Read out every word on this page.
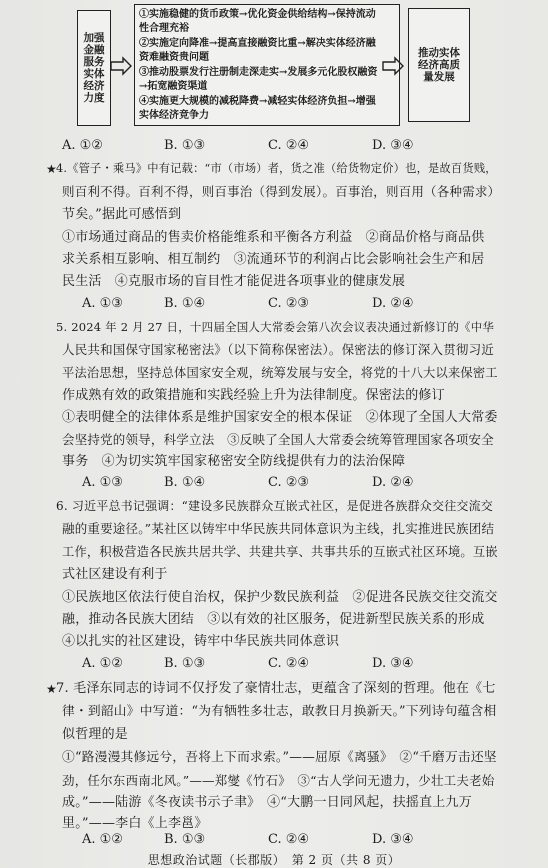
加强金融服务实体经济力度
①实施稳健的货币政策→优化资金供给结构→保持流动
性合理充裕
②实施定向降准→提高直接融资比重→解决实体经济融
资难融资贵问题
③推动股票发行注册制走深走实→发展多元化股权融资
→拓宽融资渠道
④实施更大规模的减税降费→减轻实体经济负担→增强
实体经济竞争力
推动实体经济高质量发展
A. ①②	B. ①③	C. ②④	D. ③④
★ 4.《管子・乘马》中有记载：“市（市场）者，货之准（给货物定价）也，是故百货贱，
则百利不得。百利不得，则百事治（得到发展）。百事治，则百用（各种需求）
节矣。”据此可感悟到
①市场通过商品的售卖价格能维系和平衡各方利益　②商品价格与商品供
求关系相互影响、相互制约　③流通环节的利润占比会影响社会生产和居
民生活　④克服市场的盲目性才能促进各项事业的健康发展
A. ①③	B. ①④	C. ②③	D. ②④
5. 2024 年 2 月 27 日，十四届全国人大常委会第八次会议表决通过新修订的《中华
人民共和国保守国家秘密法》（以下简称保密法）。保密法的修订深入贯彻习近
平法治思想，坚持总体国家安全观，统筹发展与安全，将党的十八大以来保密工
作成熟有效的政策措施和实践经验上升为法律制度。保密法的修订
①表明健全的法律体系是维护国家安全的根本保证　②体现了全国人大常委
会坚持党的领导，科学立法　③反映了全国人大常委会统筹管理国家各项安全
事务　④为切实筑牢国家秘密安全防线提供有力的法治保障
A. ①③	B. ①④	C. ②③	D. ②④
6. 习近平总书记强调：“建设多民族群众互嵌式社区，是促进各族群众交往交流交
融的重要途径。”某社区以铸牢中华民族共同体意识为主线，扎实推进民族团结
工作，积极营造各民族共居共学、共建共享、共事共乐的互嵌式社区环境。互嵌
式社区建设有利于
①民族地区依法行使自治权，保护少数民族利益　②促进各民族交往交流交
融，推动各民族大团结　③以有效的社区服务，促进新型民族关系的形成
④以扎实的社区建设，铸牢中华民族共同体意识
A. ①②	B. ①③	C. ②④	D. ③④
★ 7. 毛泽东同志的诗词不仅抒发了豪情壮志，更蕴含了深刻的哲理。他在《七
律・到韶山》中写道：“为有牺牲多壮志，敢教日月换新天。”下列诗句蕴含相
似哲理的是
①“路漫漫其修远兮，吾将上下而求索。”——屈原《离骚》　②“千磨万击还坚
劲，任尔东西南北风。”——郑燮《竹石》　③“古人学问无遗力，少壮工夫老始
成。”——陆游《冬夜读书示子聿》　④“大鹏一日同风起，扶摇直上九万
里。”——李白《上李邕》
A. ①②	B. ①③	C. ②④	D. ③④
思想政治试题（长郡版）　第 2 页（共 8 页）
